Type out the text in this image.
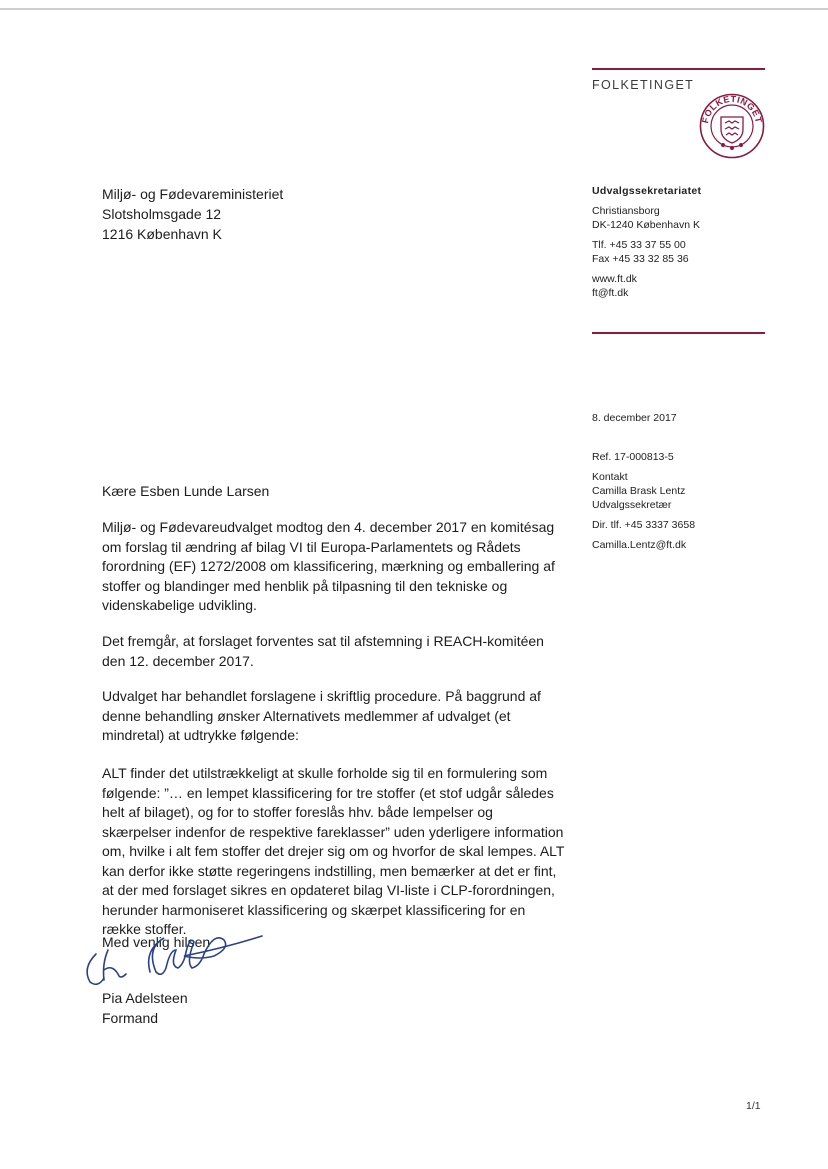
FOLKETINGET
FOLKETINGET
Udvalgssekretariatet
Christiansborg
DK-1240 København K
Tlf. +45 33 37 55 00
Fax +45 33 32 85 36
www.ft.dk
ft@ft.dk
8. december 2017
Ref. 17-000813-5
Kontakt
Camilla Brask Lentz
Udvalgssekretær
Dir. tlf. +45 3337 3658
Camilla.Lentz@ft.dk
Miljø- og Fødevareministeriet
Slotsholmsgade 12
1216 København K
Kære Esben Lunde Larsen

Miljø- og Fødevareudvalget modtog den 4. december 2017 en komitésag om forslag til ændring af bilag VI til Europa-Parlamentets og Rådets forordning (EF) 1272/2008 om klassificering, mærkning og emballering af stoffer og blandinger med henblik på tilpasning til den tekniske og videnskabelige udvikling.

Det fremgår, at forslaget forventes sat til afstemning i REACH-komitéen den 12. december 2017.

Udvalget har behandlet forslagene i skriftlig procedure. På baggrund af denne behandling ønsker Alternativets medlemmer af udvalget (et mindretal) at udtrykke følgende:

ALT finder det utilstrækkeligt at skulle forholde sig til en formulering som følgende: ”… en lempet klassificering for tre stoffer (et stof udgår således helt af bilaget), og for to stoffer foreslås hhv. både lempelser og skærpelser indenfor de respektive fareklasser” uden yderligere information om, hvilke i alt fem stoffer det drejer sig om og hvorfor de skal lempes. ALT kan derfor ikke støtte regeringens indstilling, men bemærker at det er fint, at der med forslaget sikres en opdateret bilag VI-liste i CLP-forordningen, herunder harmoniseret klassificering og skærpet klassificering for en række stoffer.

Med venlig hilsen
Pia Adelsteen
Formand
1/1
